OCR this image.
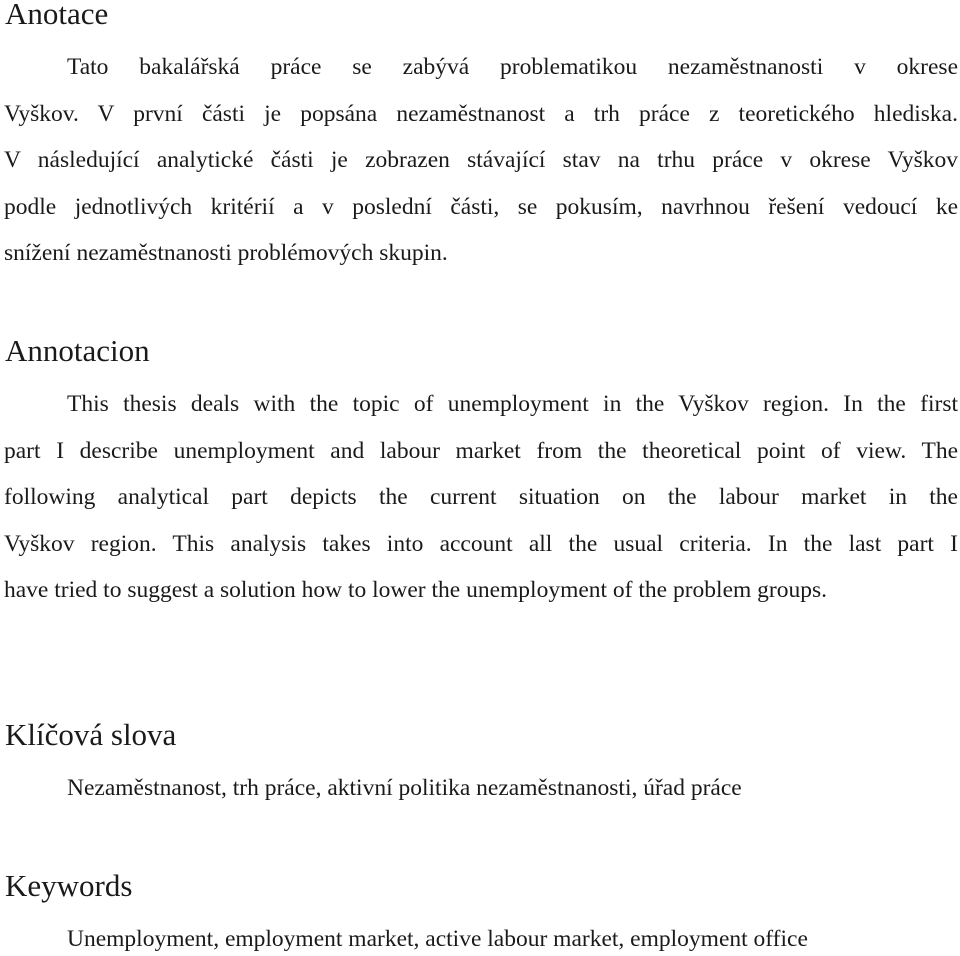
Anotace
Tato bakalářská práce se zabývá problematikou nezaměstnanosti v okrese
Vyškov. V první části je popsána nezaměstnanost a trh práce z teoretického hlediska.
V následující analytické části je zobrazen stávající stav na trhu práce v okrese Vyškov
podle jednotlivých kritérií a v poslední části, se pokusím, navrhnou řešení vedoucí ke
snížení nezaměstnanosti problémových skupin.
Annotacion
This thesis deals with the topic of unemployment in the Vyškov region. In the first
part I describe unemployment and labour market from the theoretical point of view. The
following analytical part depicts the current situation on the labour market in the
Vyškov region. This analysis takes into account all the usual criteria. In the last part I
have tried to suggest a solution how to lower the unemployment of the problem groups.
Klíčová slova

Nezaměstnanost, trh práce, aktivní politika nezaměstnanosti, úřad práce

Keywords

Unemployment, employment market, active labour market, employment office
